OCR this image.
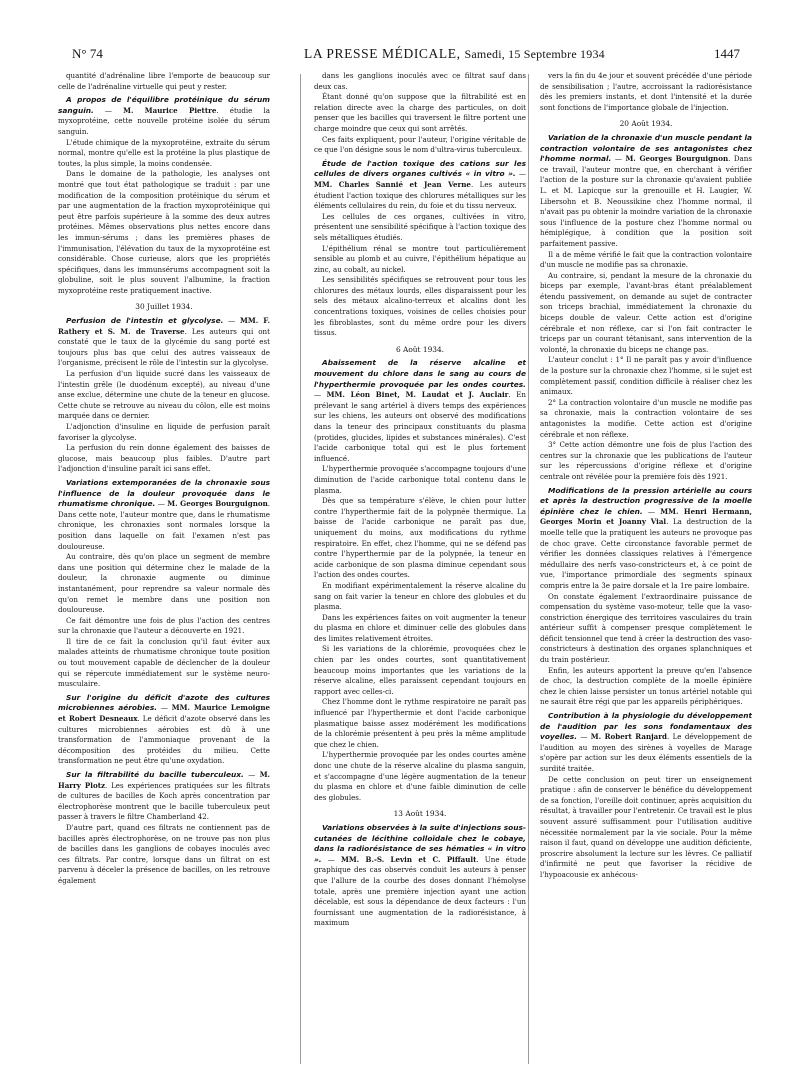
N° 74	LA PRESSE MÉDICALE, Samedi, 15 Septembre 1934	1447

quantité d'adrénaline libre l'emporte de beaucoup sur celle de l'adrénaline virtuelle qui peut y rester.

A propos de l'équilibre protéinique du sérum sanguin. — M. Maurice Piettre. étudie la myxoprotéine, cette nouvelle protéine isolée du sérum sanguin.

L'étude chimique de la myxoprotéine, extraite du sérum normal, montre qu'elle est la protéine la plus plastique de toutes, la plus simple, la moins condensée.

Dans le domaine de la pathologie, les analyses ont montré que tout état pathologique se traduit : par une modification de la composition protéinique du sérum et par une augmentation de la fraction myxoprotéinique qui peut être parfois supérieure à la somme des deux autres protéines. Mêmes observations plus nettes encore dans les immun-sérums ; dans les premières phases de l'immunisation, l'élévation du taux de la myxoprotéine est considérable. Chose curieuse, alors que les propriétés spécifiques, dans les immunsérums accompagnent soit la globuline, soit le plus souvent l'albumine, la fraction myxoprotéine reste pratiquement inactive.

30 Juillet 1934.

Perfusion de l'intestin et glycolyse. — MM. F. Rathery et S. M. de Traverse. Les auteurs qui ont constaté que le taux de la glycémie du sang porté est toujours plus bas que celui des autres vaisseaux de l'organisme, précisent le rôle de l'intestin sur la glycolyse.

La perfusion d'un liquide sucré dans les vaisseaux de l'intestin grêle (le duodénum excepté), au niveau d'une anse exclue, détermine une chute de la teneur en glucose. Cette chute se retrouve au niveau du côlon, elle est moins marquée dans ce dernier.

L'adjonction d'insuline en liquide de perfusion paraît favoriser la glycolyse.

La perfusion du rein donne également des baisses de glucose, mais beaucoup plus faibles. D'autre part l'adjonction d'insuline paraît ici sans effet.

Variations extemporanées de la chronaxie sous l'influence de la douleur provoquée dans le rhumatisme chronique. — M. Georges Bourguignon. Dans cette note, l'auteur montre que, dans le rhumatisme chronique, les chronaxies sont normales lorsque la position dans laquelle on fait l'examen n'est pas douloureuse.

Au contraire, dès qu'on place un segment de membre dans une position qui détermine chez le malade de la douleur, la chronaxie augmente ou diminue instantanément, pour reprendre sa valeur normale dès qu'on remet le membre dans une position non douloureuse.

Ce fait démontre une fois de plus l'action des centres sur la chronaxie que l'auteur a découverte en 1921.

Il tire de ce fait la conclusion qu'il faut éviter aux malades atteints de rhumatisme chronique toute position ou tout mouvement capable de déclencher de la douleur qui se répercute immédiatement sur le système neuro-musculaire.

Sur l'origine du déficit d'azote des cultures microbiennes aérobies. — MM. Maurice Lemoigne et Robert Desneaux. Le déficit d'azote observé dans les cultures microbiennes aérobies est dû à une transformation de l'ammoniaque provenant de la décomposition des protéides du milieu. Cette transformation ne peut être qu'une oxydation.

Sur la filtrabilité du bacille tuberculeux. — M. Harry Plotz. Les expériences pratiquées sur les filtrats de cultures de bacilles de Koch après concentration par électrophorèse montrent que le bacille tuberculeux peut passer à travers le filtre Chamberland 42.

D'autre part, quand ces filtrats ne contiennent pas de bacilles après électrophorèse, on ne trouve pas non plus de bacilles dans les ganglions de cobayes inoculés avec ces filtrats. Par contre, lorsque dans un filtrat on est parvenu à déceler la présence de bacilles, on les retrouve également

dans les ganglions inoculés avec ce filtrat sauf dans deux cas.

Étant donné qu'on suppose que la filtrabilité est en relation directe avec la charge des particules, on doit penser que les bacilles qui traversent le filtre portent une charge moindre que ceux qui sont arrêtés.

Ces faits expliquent, pour l'auteur, l'origine véritable de ce que l'on désigne sous le nom d'ultra-virus tuberculeux.

Étude de l'action toxique des cations sur les cellules de divers organes cultivés « in vitro ». — MM. Charles Sannié et Jean Verne. Les auteurs étudient l'action toxique des chlorures métalliques sur les éléments cellulaires du rein, du foie et du tissu nerveux.

Les cellules de ces organes, cultivées in vitro, présentent une sensibilité spécifique à l'action toxique des sels métalliques étudiés.

L'épithélium rénal se montre tout particulièrement sensible au plomb et au cuivre, l'épithélium hépatique au zinc, au cobalt, au nickel.

Les sensibilités spécifiques se retrouvent pour tous les chlorures des métaux lourds, elles disparaissent pour les sels des métaux alcalino-terreux et alcalins dont les concentrations toxiques, voisines de celles choisies pour les fibroblastes, sont du même ordre pour les divers tissus.

6 Août 1934.

Abaissement de la réserve alcaline et mouvement du chlore dans le sang au cours de l'hyperthermie provoquée par les ondes courtes. — MM. Léon Binet, M. Laudat et J. Auclair. En prélevant le sang artériel à divers temps des expériences sur les chiens, les auteurs ont observé des modifications dans la teneur des principaux constituants du plasma (protides, glucides, lipides et substances minérales). C'est l'acide carbonique total qui est le plus fortement influencé.

L'hyperthermie provoquée s'accompagne toujours d'une diminution de l'acide carbonique total contenu dans le plasma.

Dès que sa température s'élève, le chien pour lutter contre l'hyperthermie fait de la polypnée thermique. La baisse de l'acide carbonique ne paraît pas due, uniquement du moins, aux modifications du rythme respiratoire. En effet, chez l'homme, qui ne se défend pas contre l'hyperthermie par de la polypnée, la teneur en acide carbonique de son plasma diminue cependant sous l'action des ondes courtes.

En modifiant expérimentalement la réserve alcaline du sang on fait varier la teneur en chlore des globules et du plasma.

Dans les expériences faites on voit augmenter la teneur du plasma en chlore et diminuer celle des globules dans des limites relativement étroites.

Si les variations de la chlorémie, provoquées chez le chien par les ondes courtes, sont quantitativement beaucoup moins importantes que les variations de la réserve alcaline, elles paraissent cependant toujours en rapport avec celles-ci.

Chez l'homme dont le rythme respiratoire ne paraît pas influencé par l'hyperthermie et dont l'acide carbonique plasmatique baisse assez modérément les modifications de la chlorémie présentent à peu près la même amplitude que chez le chien.

L'hyperthermie provoquée par les ondes courtes amène donc une chute de la réserve alcaline du plasma sanguin, et s'accompagne d'une légère augmentation de la teneur du plasma en chlore et d'une faible diminution de celle des globules.

13 Août 1934.

Variations observées à la suite d'injections sous-cutanées de lécithine colloïdale chez le cobaye, dans la radiorésistance de ses hématies « in vitro ». — MM. B.-S. Levin et C. Piffault. Une étude graphique des cas observés conduit les auteurs à penser que l'allure de la courbe des doses donnant l'hémolyse totale, après une première injection ayant une action décelable, est sous la dépendance de deux facteurs : l'un fournissant une augmentation de la radiorésistance, à maximum

vers la fin du 4e jour et souvent précédée d'une période de sensibilisation ; l'autre, accroissant la radiorésistance dès les premiers instants, et dont l'intensité et la durée sont fonctions de l'importance globale de l'injection.

20 Août 1934.

Variation de la chronaxie d'un muscle pendant la contraction volontaire de ses antagonistes chez l'homme normal. — M. Georges Bourguignon. Dans ce travail, l'auteur montre que, en cherchant à vérifier l'action de la posture sur la chronaxie qu'avaient publiée L. et M. Lapicque sur la grenouille et H. Laugier, W. Libersohn et B. Neoussikine chez l'homme normal, il n'avait pas pu obtenir la moindre variation de la chronaxie sous l'influence de la posture chez l'homme normal ou hémiplégique, à condition que la position soit parfaitement passive.

Il a de même vérifié le fait que la contraction volontaire d'un muscle ne modifie pas sa chronaxie.

Au contraire, si, pendant la mesure de la chronaxie du biceps par exemple, l'avant-bras étant préalablement étendu passivement, on demande au sujet de contracter son triceps brachial, immédiatement la chronaxie du biceps double de valeur. Cette action est d'origine cérébrale et non réflexe, car si l'on fait contracter le triceps par un courant tétanisant, sans intervention de la volonté, la chronaxie du biceps ne change pas.

L'auteur conclut : 1° Il ne paraît pas y avoir d'influence de la posture sur la chronaxie chez l'homme, si le sujet est complètement passif, condition difficile à réaliser chez les animaux.

2° La contraction volontaire d'un muscle ne modifie pas sa chronaxie, mais la contraction volontaire de ses antagonistes la modifie. Cette action est d'origine cérébrale et non réflexe.

3° Cette action démontre une fois de plus l'action des centres sur la chronaxie que les publications de l'auteur sur les répercussions d'origine réflexe et d'origine centrale ont révélée pour la première fois dès 1921.

Modifications de la pression artérielle au cours et après la destruction progressive de la moelle épinière chez le chien. — MM. Henri Hermann, Georges Morin et Joanny Vial. La destruction de la moelle telle que la pratiquent les auteurs ne provoque pas de choc grave. Cette circonstance favorable permet de vérifier les données classiques relatives à l'émergence médullaire des nerfs vaso-constricteurs et, à ce point de vue, l'importance primordiale des segments spinaux compris entre la 3e paire dorsale et la 1re paire lombaire.

On constate également l'extraordinaire puissance de compensation du système vaso-moteur, telle que la vaso-constriction énergique des territoires vasculaires du train antérieur suffit à compenser presque complètement le déficit tensionnel que tend à créer la destruction des vaso-constricteurs à destination des organes splanchniques et du train postérieur.

Enfin, les auteurs apportent la preuve qu'en l'absence de choc, la destruction complète de la moelle épinière chez le chien laisse persister un tonus artériel notable qui ne saurait être régi que par les appareils périphériques.

Contribution à la physiologie du développement de l'audition par les sons fondamentaux des voyelles. — M. Robert Ranjard. Le développement de l'audition au moyen des sirènes à voyelles de Marage s'opère par action sur les deux éléments essentiels de la surdité traitée.

De cette conclusion on peut tirer un enseignement pratique : afin de conserver le bénéfice du développement de sa fonction, l'oreille doit continuer, après acquisition du résultat, à travailler pour l'entretenir. Ce travail est le plus souvent assuré suffisamment pour l'utilisation auditive nécessitée normalement par la vie sociale. Pour la même raison il faut, quand on développe une audition déficiente, proscrire absolument la lecture sur les lèvres. Ce palliatif d'infirmité ne peut que favoriser la récidive de l'hypoacousie ex anhécous-
